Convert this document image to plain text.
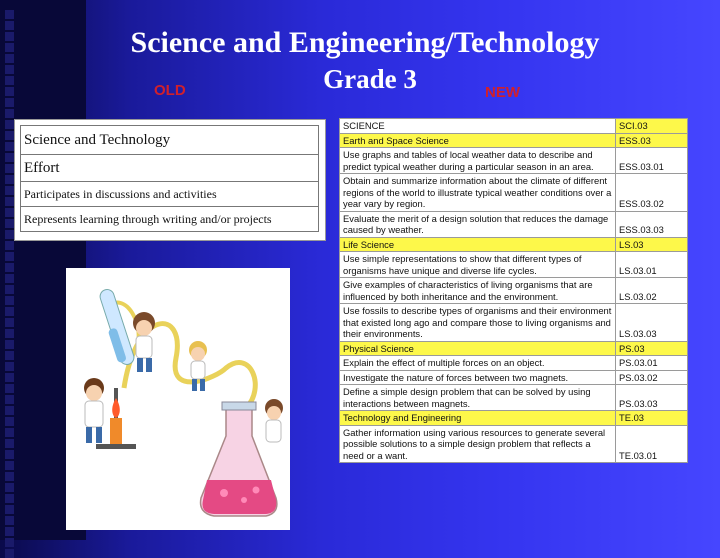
Science and Engineering/Technology
Grade 3
OLD	NEW
Science and Technology
Effort
Participates in discussions and activities
Represents learning through writing and/or projects
SCIENCE	SCI.03
Earth and Space Science	ESS.03
Use graphs and tables of local weather data to describe and predict typical weather during a particular season in an area.	ESS.03.01
Obtain and summarize information about the climate of different regions of the world to illustrate typical weather conditions over a year vary by region.	ESS.03.02
Evaluate the merit of a design solution that reduces the damage caused by weather.	ESS.03.03
Life Science	LS.03
Use simple representations to show that different types of organisms have unique and diverse life cycles.	LS.03.01
Give examples of characteristics of living organisms that are influenced by both inheritance and the environment.	LS.03.02
Use fossils to describe types of organisms and their environment that existed long ago and compare those to living organisms and their environments.	LS.03.03
Physical Science	PS.03
Explain the effect of multiple forces on an object.	PS.03.01
Investigate the nature of forces between two magnets.	PS.03.02
Define a simple design problem that can be solved by using interactions between magnets.	PS.03.03
Technology and Engineering	TE.03
Gather information using various resources to generate several possible solutions to a simple design problem that reflects a need or a want.	TE.03.01
